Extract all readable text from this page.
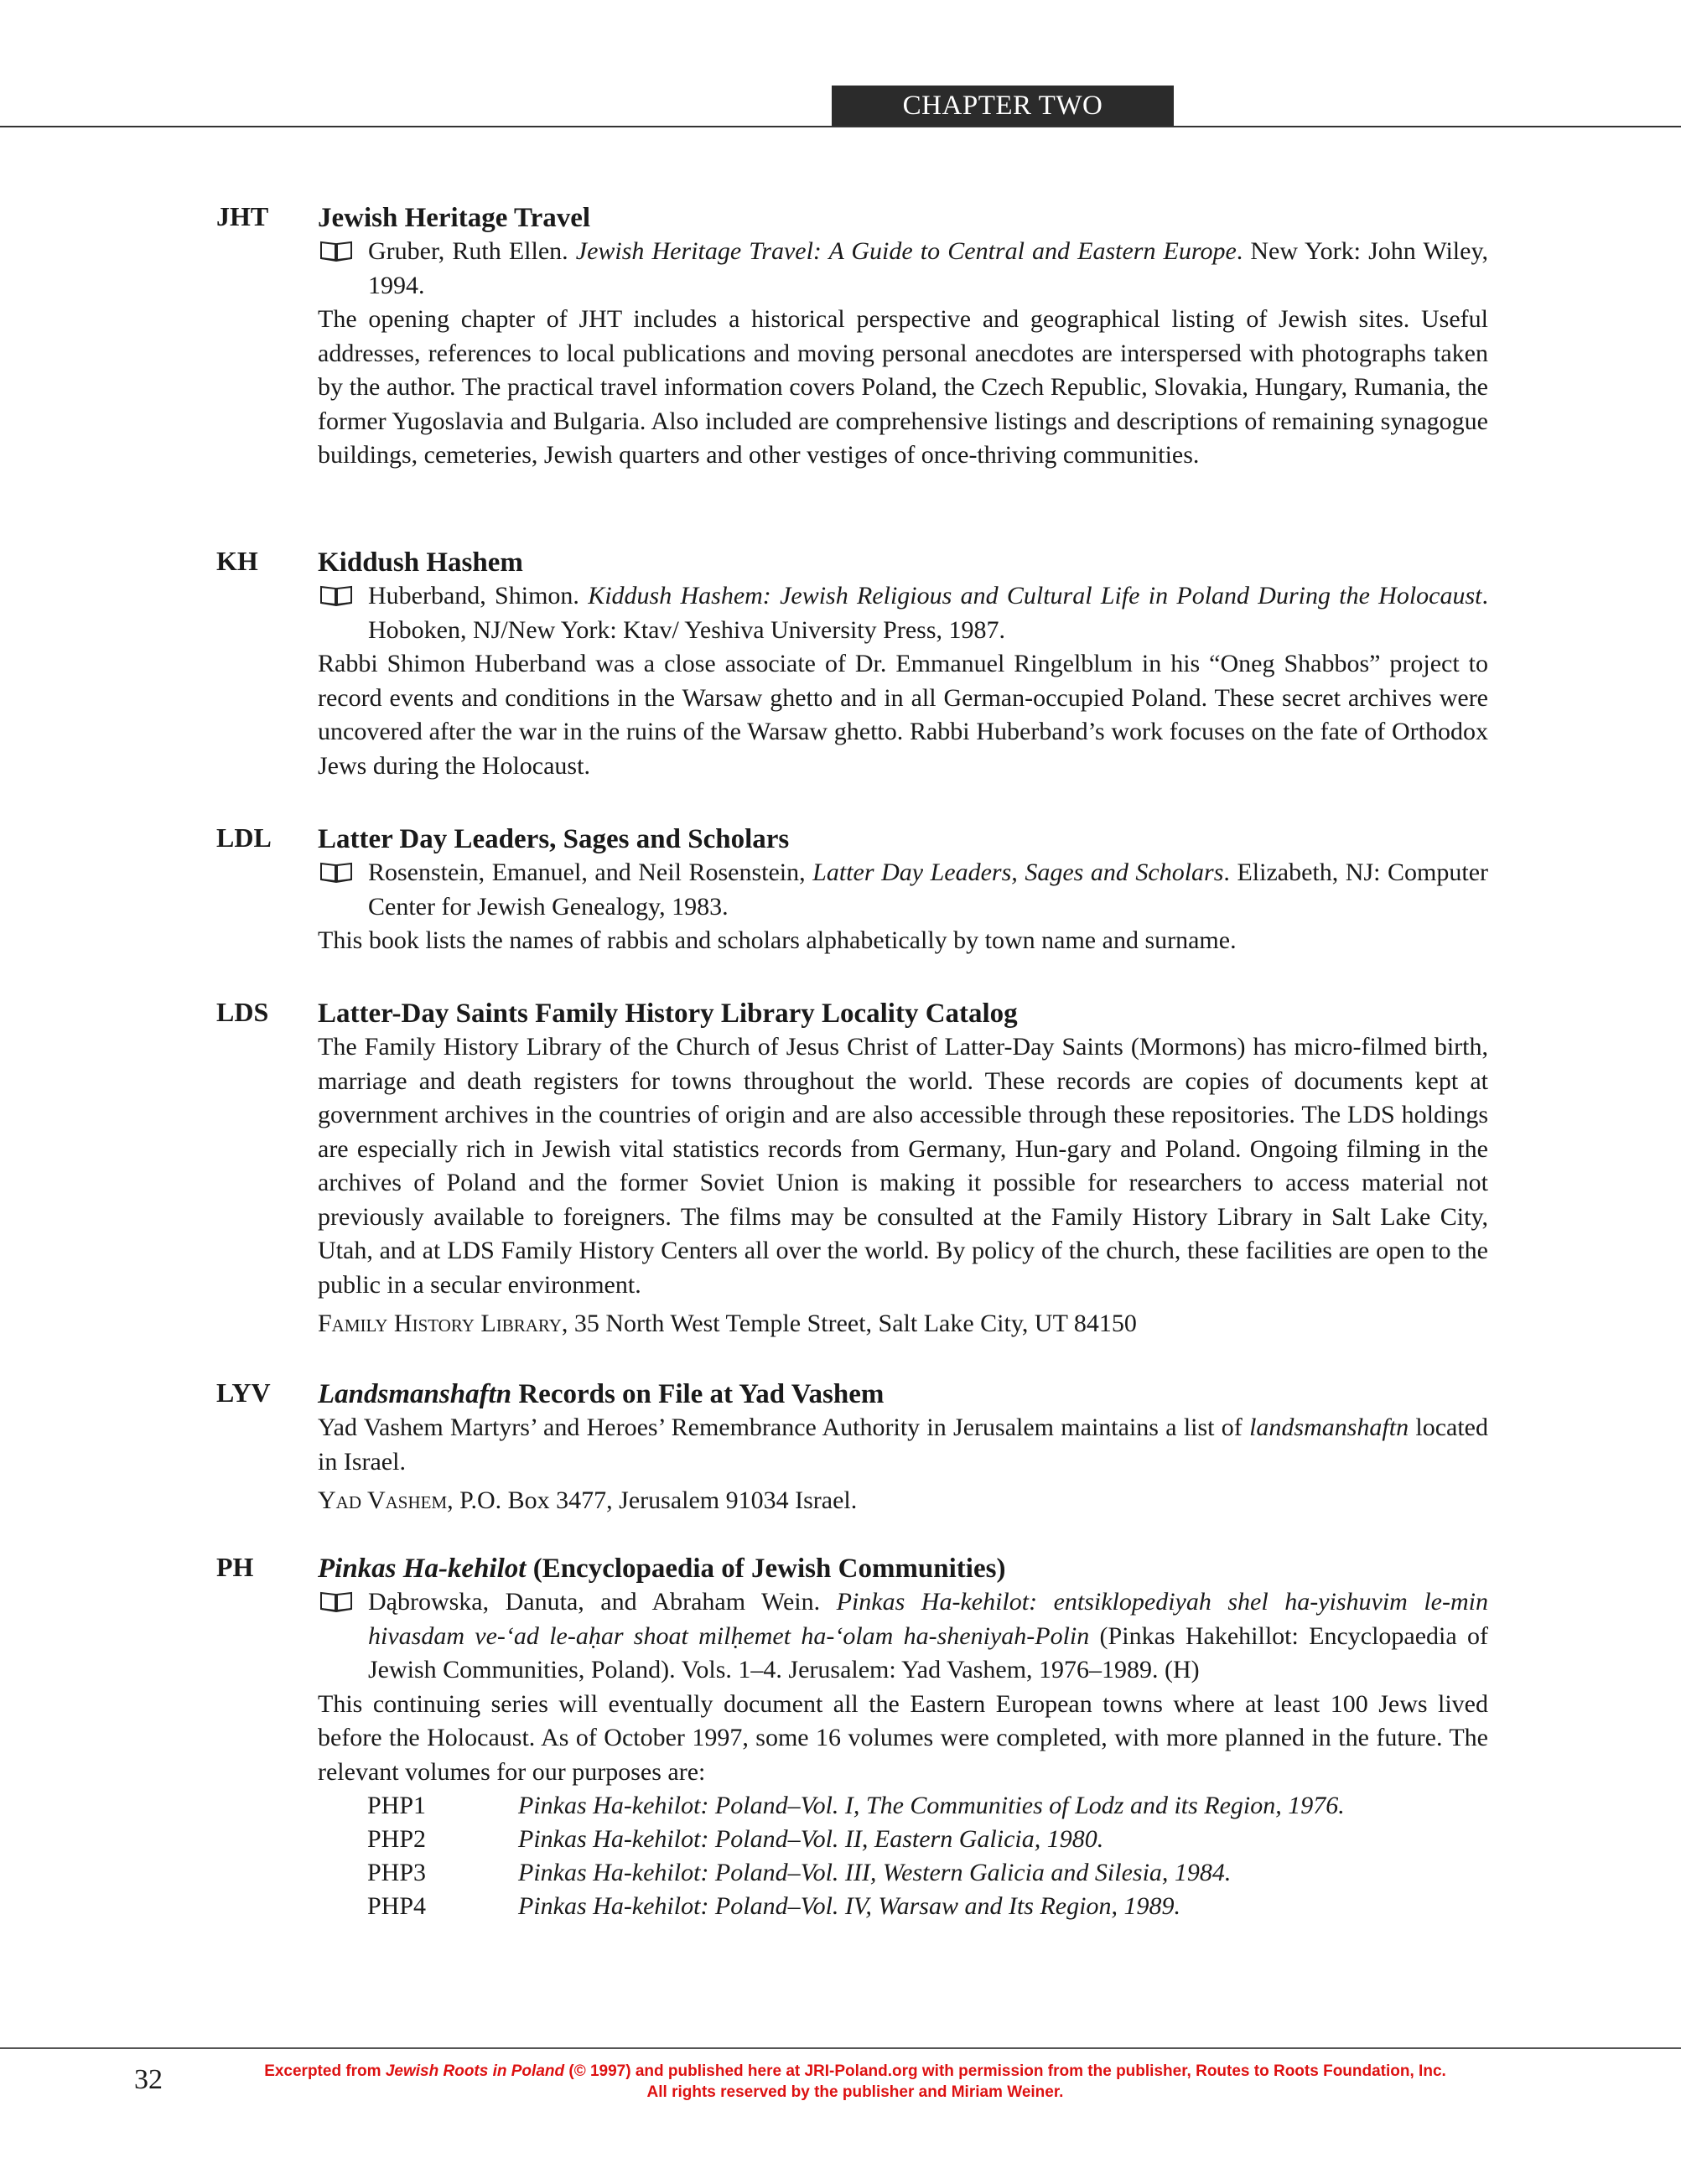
CHAPTER TWO
JHT Jewish Heritage Travel
Gruber, Ruth Ellen. Jewish Heritage Travel: A Guide to Central and Eastern Europe. New York: John Wiley, 1994.
The opening chapter of JHT includes a historical perspective and geographical listing of Jewish sites. Useful addresses, references to local publications and moving personal anecdotes are interspersed with photographs taken by the author. The practical travel information covers Poland, the Czech Republic, Slovakia, Hungary, Rumania, the former Yugoslavia and Bulgaria. Also included are comprehensive listings and descriptions of remaining synagogue buildings, cemeteries, Jewish quarters and other vestiges of once-thriving communities.
KH Kiddush Hashem
Huberband, Shimon. Kiddush Hashem: Jewish Religious and Cultural Life in Poland During the Holocaust. Hoboken, NJ/New York: Ktav/ Yeshiva University Press, 1987.
Rabbi Shimon Huberband was a close associate of Dr. Emmanuel Ringelblum in his “Oneg Shabbos” project to record events and conditions in the Warsaw ghetto and in all German-occupied Poland. These secret archives were uncovered after the war in the ruins of the Warsaw ghetto. Rabbi Huberband’s work focuses on the fate of Orthodox Jews during the Holocaust.
LDL Latter Day Leaders, Sages and Scholars
Rosenstein, Emanuel, and Neil Rosenstein, Latter Day Leaders, Sages and Scholars. Elizabeth, NJ: Computer Center for Jewish Genealogy, 1983.
This book lists the names of rabbis and scholars alphabetically by town name and surname.
LDS Latter-Day Saints Family History Library Locality Catalog
The Family History Library of the Church of Jesus Christ of Latter-Day Saints (Mormons) has micro-filmed birth, marriage and death registers for towns throughout the world. These records are copies of documents kept at government archives in the countries of origin and are also accessible through these repositories. The LDS holdings are especially rich in Jewish vital statistics records from Germany, Hun-gary and Poland. Ongoing filming in the archives of Poland and the former Soviet Union is making it possible for researchers to access material not previously available to foreigners. The films may be consulted at the Family History Library in Salt Lake City, Utah, and at LDS Family History Centers all over the world. By policy of the church, these facilities are open to the public in a secular environment.
Family History Library, 35 North West Temple Street, Salt Lake City, UT 84150
LYV Landsmanshaftn Records on File at Yad Vashem
Yad Vashem Martyrs’ and Heroes’ Remembrance Authority in Jerusalem maintains a list of landsmanshaftn located in Israel.
Yad Vashem, P.O. Box 3477, Jerusalem 91034 Israel.
PH Pinkas Ha-kehilot (Encyclopaedia of Jewish Communities)
Dąbrowska, Danuta, and Abraham Wein. Pinkas Ha-kehilot: entsiklopediyah shel ha-yishuvim le-min hivasdam ve-ʻad le-aḥar shoat milḥemet ha-ʻolam ha-sheniyah-Polin (Pinkas Hakehillot: Encyclopaedia of Jewish Communities, Poland). Vols. 1–4. Jerusalem: Yad Vashem, 1976–1989. (H)
This continuing series will eventually document all the Eastern European towns where at least 100 Jews lived before the Holocaust. As of October 1997, some 16 volumes were completed, with more planned in the future. The relevant volumes for our purposes are:
PHP1	Pinkas Ha-kehilot: Poland–Vol. I, The Communities of Lodz and its Region, 1976.
PHP2	Pinkas Ha-kehilot: Poland–Vol. II, Eastern Galicia, 1980.
PHP3	Pinkas Ha-kehilot: Poland–Vol. III, Western Galicia and Silesia, 1984.
PHP4	Pinkas Ha-kehilot: Poland–Vol. IV, Warsaw and Its Region, 1989.
32	Excerpted from Jewish Roots in Poland (© 1997) and published here at JRI-Poland.org with permission from the publisher, Routes to Roots Foundation, Inc.
All rights reserved by the publisher and Miriam Weiner.
